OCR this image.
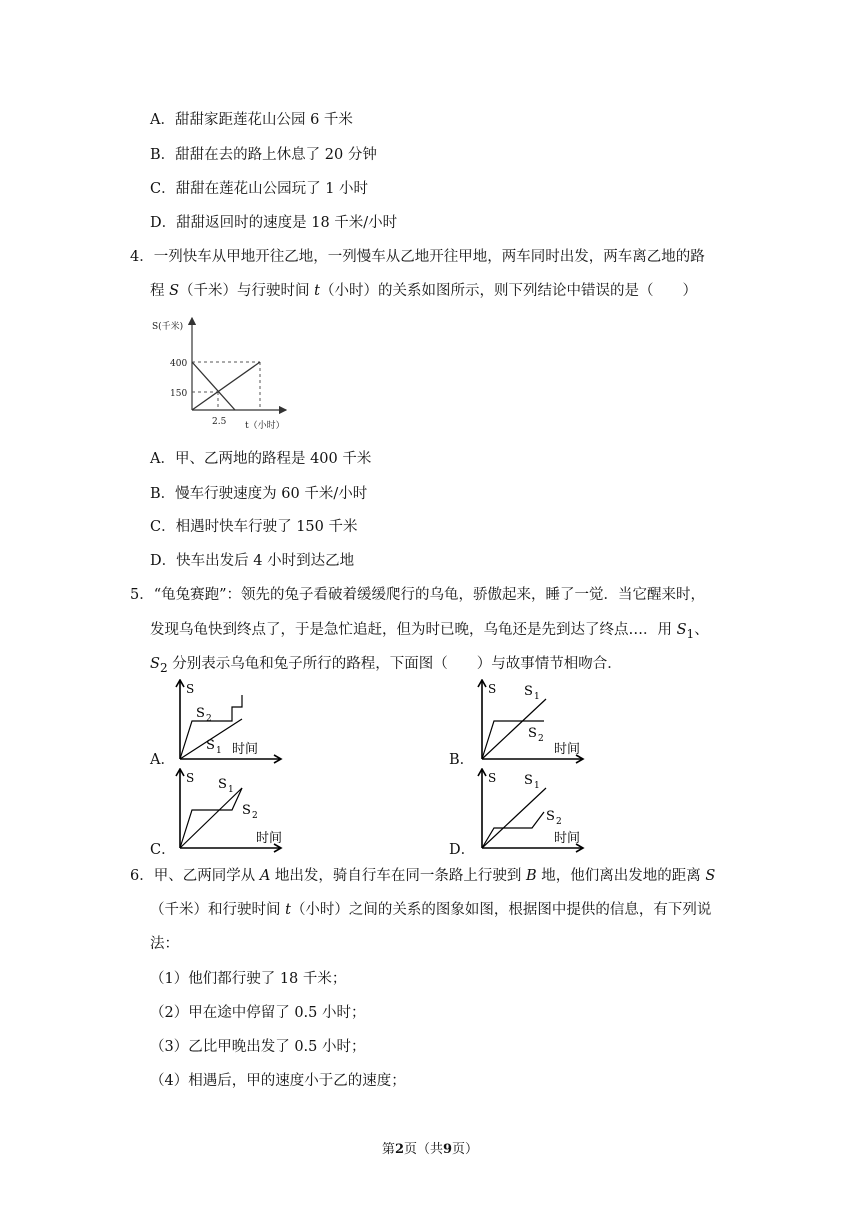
A．甜甜家距莲花山公园 6 千米
B．甜甜在去的路上休息了 20 分钟
C．甜甜在莲花山公园玩了 1 小时
D．甜甜返回时的速度是 18 千米/小时
4．一列快车从甲地开往乙地，一列慢车从乙地开往甲地，两车同时出发，两车离乙地的路
程 S（千米）与行驶时间 t（小时）的关系如图所示，则下列结论中错误的是（　　）
S(千米)
400
150
2.5 t（小时）
A．甲、乙两地的路程是 400 千米
B．慢车行驶速度为 60 千米/小时
C．相遇时快车行驶了 150 千米
D．快车出发后 4 小时到达乙地
5．“龟兔赛跑”：领先的兔子看破着缓缓爬行的乌龟，骄傲起来，睡了一觉．当它醒来时，
发现乌龟快到终点了，于是急忙追赶，但为时已晚，乌龟还是先到达了终点…．用 $S_1$、
$S_2$ 分别表示乌龟和兔子所行的路程，下面图（　　）与故事情节相吻合．
A．	B．
C．	D．
S
S 2
S 1 时间
S S 1
S 2
时间
S S 1
S 2
时间
S S 1
S 2
时间
6．甲、乙两同学从 A 地出发，骑自行车在同一条路上行驶到 B 地，他们离出发地的距离 S
（千米）和行驶时间 t（小时）之间的关系的图象如图，根据图中提供的信息，有下列说
法：
（1）他们都行驶了 18 千米；
（2）甲在途中停留了 0.5 小时；
（3）乙比甲晚出发了 0.5 小时；
（4）相遇后，甲的速度小于乙的速度；
第2页（共9页）
